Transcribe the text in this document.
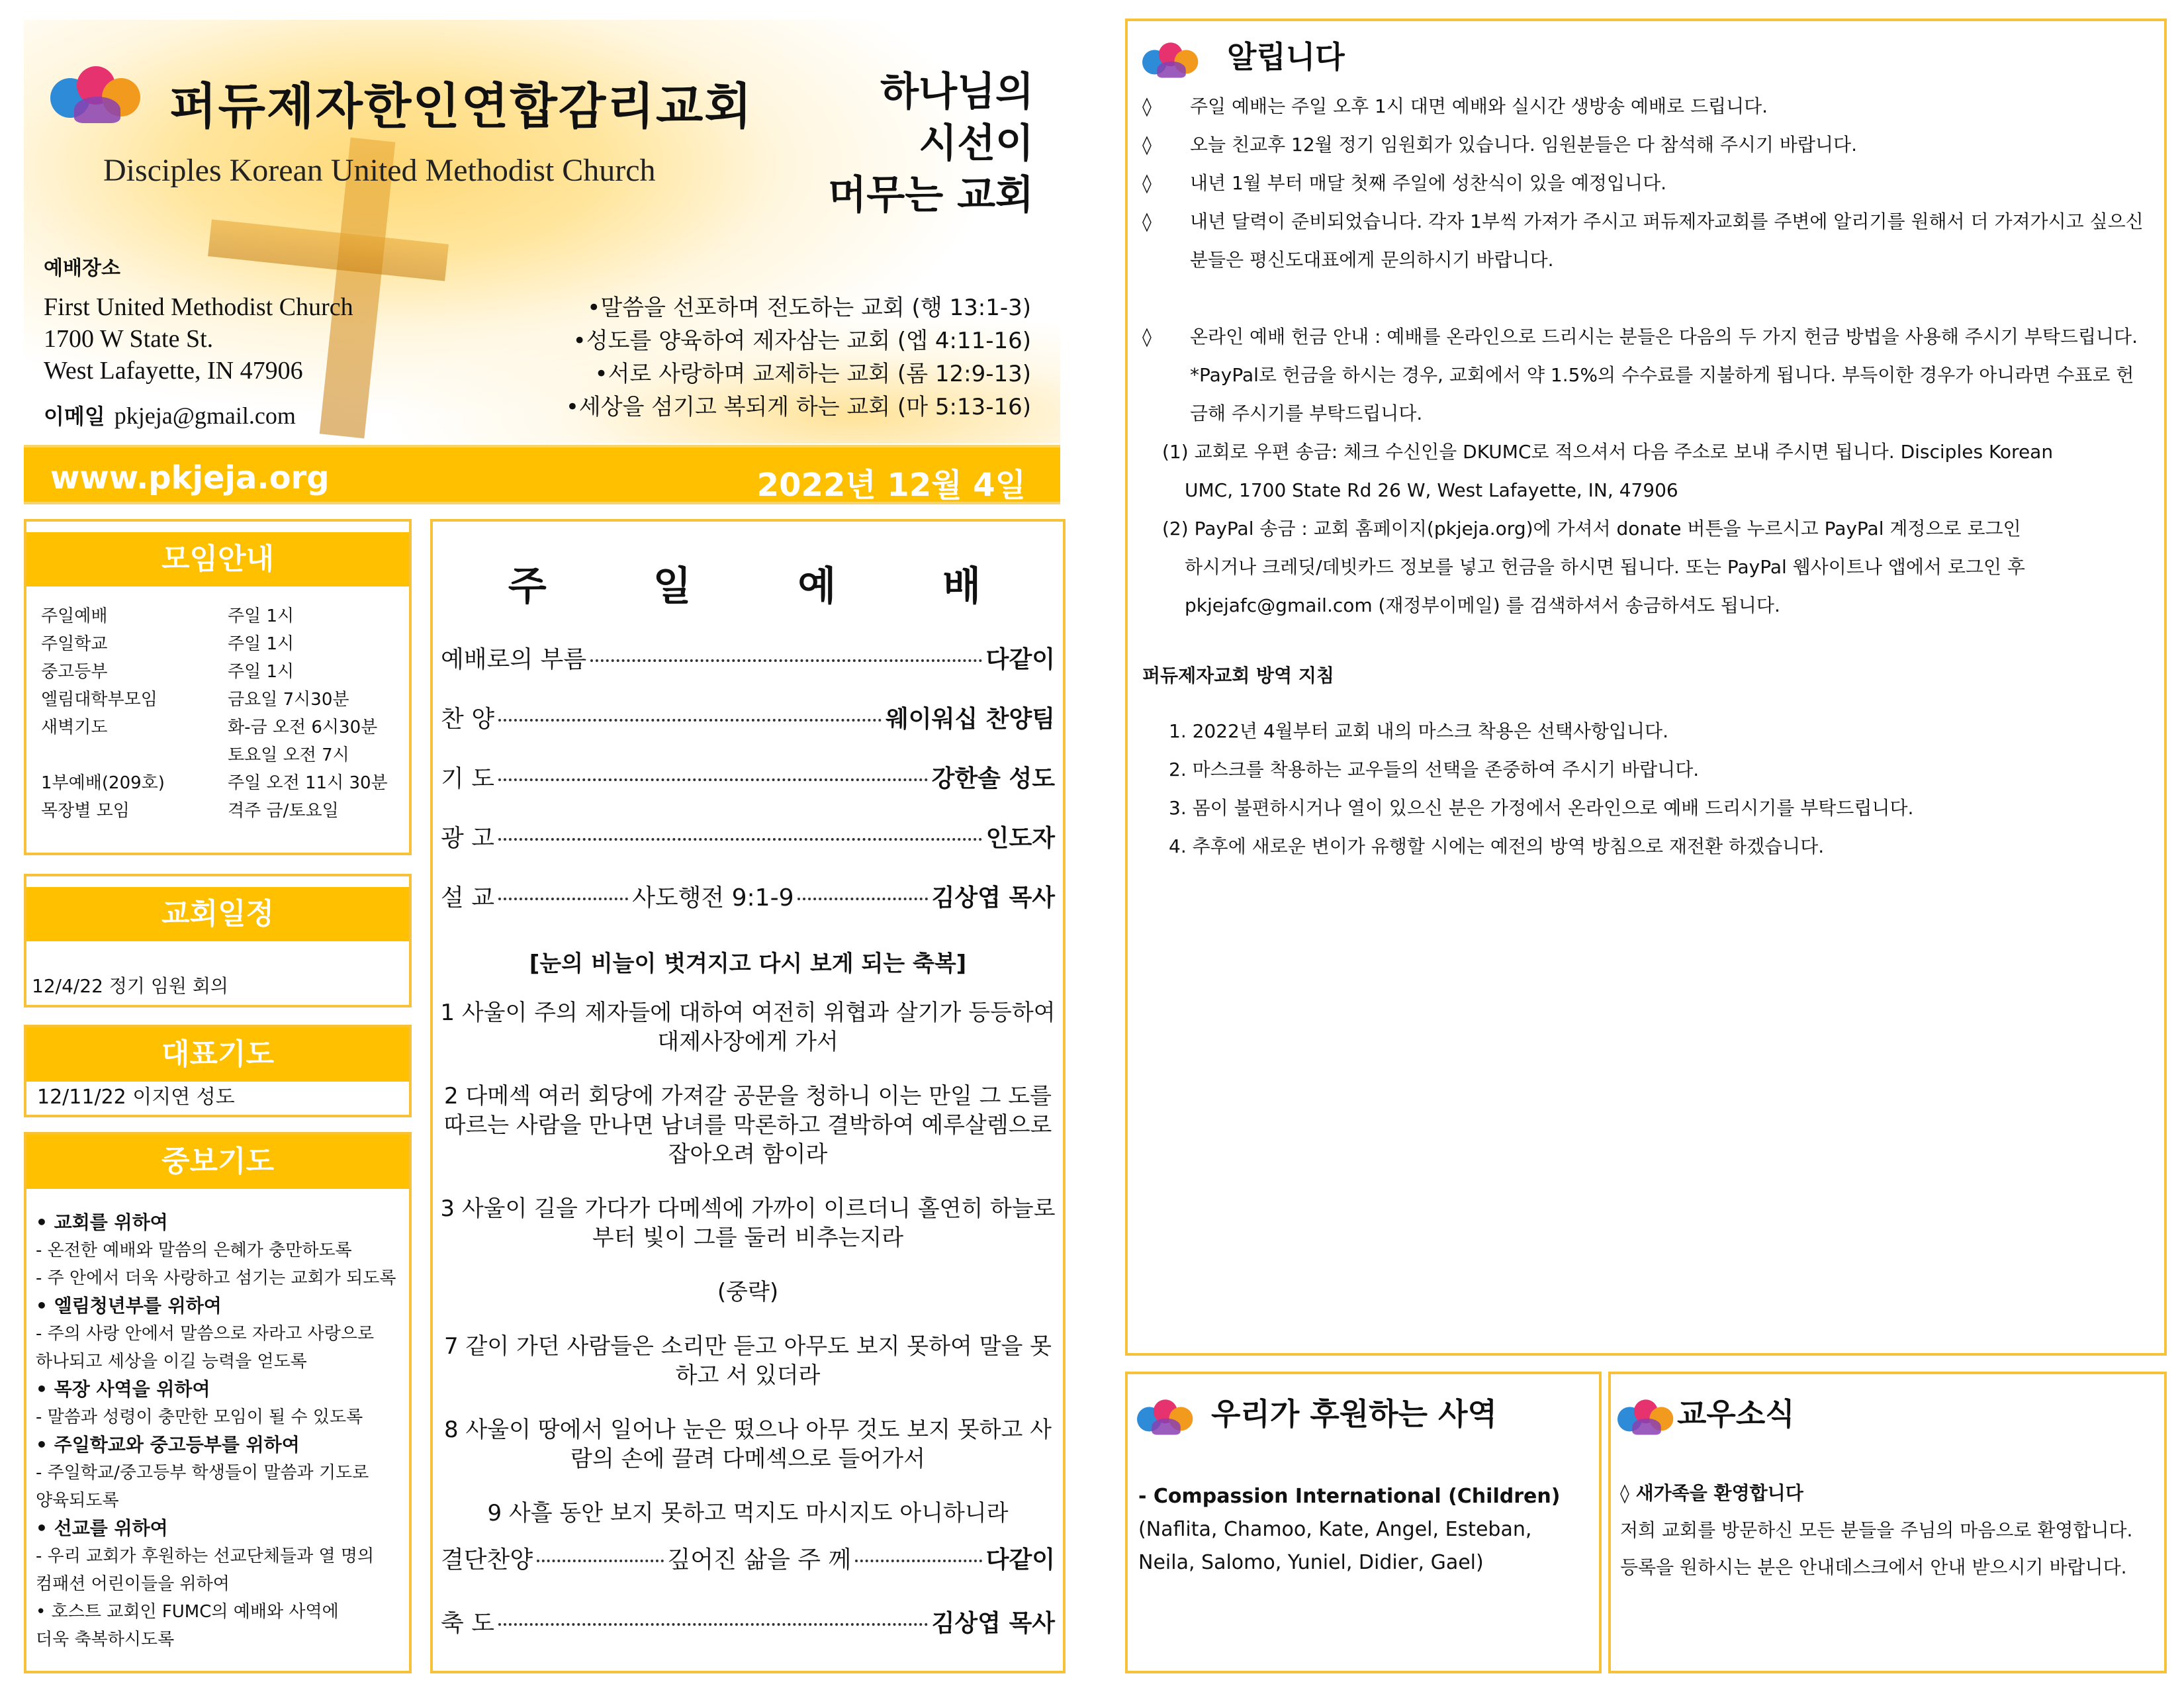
퍼듀제자한인연합감리교회
Disciples Korean United Methodist Church
하나님의
시선이
머무는 교회
예배장소
First United Methodist Church
1700 W State St.
West Lafayette, IN 47906
이메일 pkjeja@gmail.com
•말씀을 선포하며 전도하는 교회 (행 13:1-3)
•성도를 양육하여 제자삼는 교회 (엡 4:11-16)
•서로 사랑하며 교제하는 교회 (롬 12:9-13)
•세상을 섬기고 복되게 하는 교회 (마 5:13-16)
www.pkjeja.org	2022년 12월 4일
모임안내
주일예배	주일 1시
주일학교	주일 1시
중고등부	주일 1시
엘림대학부모임	금요일 7시30분
새벽기도	화-금 오전 6시30분
토요일 오전 7시
1부예배(209호)	주일 오전 11시 30분
목장별 모임	격주 금/토요일
교회일정
12/4/22 정기 임원 회의
대표기도
12/11/22 이지연 성도
중보기도
• 교회를 위하여
- 온전한 예배와 말씀의 은혜가 충만하도록
- 주 안에서 더욱 사랑하고 섬기는 교회가 되도록
• 엘림청년부를 위하여
- 주의 사랑 안에서 말씀으로 자라고 사랑으로
하나되고 세상을 이길 능력을 얻도록
• 목장 사역을 위하여
- 말씀과 성령이 충만한 모임이 될 수 있도록
• 주일학교와 중고등부를 위하여
- 주일학교/중고등부 학생들이 말씀과 기도로
양육되도록
• 선교를 위하여
- 우리 교회가 후원하는 선교단체들과 열 명의
컴패션 어린이들을 위하여
• 호스트 교회인 FUMC의 예배와 사역에
더욱 축복하시도록
주 일 예 배
예배로의 부름	다같이
찬 양	웨이워십 찬양팀
기 도	강한솔 성도
광 고	인도자
설 교	사도행전 9:1-9	김상엽 목사
[눈의 비늘이 벗겨지고 다시 보게 되는 축복]

1 사울이 주의 제자들에 대하여 여전히 위협과 살기가 등등하여 대제사장에게 가서

2 다메섹 여러 회당에 가져갈 공문을 청하니 이는 만일 그 도를 따르는 사람을 만나면 남녀를 막론하고 결박하여 예루살렘으로 잡아오려 함이라

3 사울이 길을 가다가 다메섹에 가까이 이르더니 홀연히 하늘로부터 빛이 그를 둘러 비추는지라

(중략)

7 같이 가던 사람들은 소리만 듣고 아무도 보지 못하여 말을 못하고 서 있더라

8 사울이 땅에서 일어나 눈은 떴으나 아무 것도 보지 못하고 사람의 손에 끌려 다메섹으로 들어가서

9 사흘 동안 보지 못하고 먹지도 마시지도 아니하니라

결단찬양	깊어진 삶을 주 께	다같이
축 도	김상엽 목사
알립니다
◊	주일 예배는 주일 오후 1시 대면 예배와 실시간 생방송 예배로 드립니다.
◊	오늘 친교후 12월 정기 임원회가 있습니다. 임원분들은 다 참석해 주시기 바랍니다.
◊	내년 1월 부터 매달 첫째 주일에 성찬식이 있을 예정입니다.
◊	내년 달력이 준비되었습니다. 각자 1부씩 가져가 주시고 퍼듀제자교회를 주변에 알리기를 원해서 더 가져가시고 싶으신 분들은 평신도대표에게 문의하시기 바랍니다.
◊	온라인 예배 헌금 안내 : 예배를 온라인으로 드리시는 분들은 다음의 두 가지 헌금 방법을 사용해 주시기 부탁드립니다. *PayPal로 헌금을 하시는 경우, 교회에서 약 1.5%의 수수료를 지불하게 됩니다. 부득이한 경우가 아니라면 수표로 헌금해 주시기를 부탁드립니다.
(1) 교회로 우편 송금: 체크 수신인을 DKUMC로 적으셔서 다음 주소로 보내 주시면 됩니다. Disciples Korean
UMC, 1700 State Rd 26 W, West Lafayette, IN, 47906
(2) PayPal 송금 : 교회 홈페이지(pkjeja.org)에 가셔서 donate 버튼을 누르시고 PayPal 계정으로 로그인
하시거나 크레딧/데빗카드 정보를 넣고 헌금을 하시면 됩니다. 또는 PayPal 웹사이트나 앱에서 로그인 후
pkjejafc@gmail.com (재정부이메일) 를 검색하셔서 송금하셔도 됩니다.
퍼듀제자교회 방역 지침
1. 2022년 4월부터 교회 내의 마스크 착용은 선택사항입니다.
2. 마스크를 착용하는 교우들의 선택을 존중하여 주시기 바랍니다.
3. 몸이 불편하시거나 열이 있으신 분은 가정에서 온라인으로 예배 드리시기를 부탁드립니다.
4. 추후에 새로운 변이가 유행할 시에는 예전의 방역 방침으로 재전환 하겠습니다.
우리가 후원하는 사역
- Compassion International (Children)
(Naflita, Chamoo, Kate, Angel, Esteban,
Neila, Salomo, Yuniel, Didier, Gael)
교우소식
◊ 새가족을 환영합니다
저희 교회를 방문하신 모든 분들을 주님의 마음으로 환영합니다.
등록을 원하시는 분은 안내데스크에서 안내 받으시기 바랍니다.
